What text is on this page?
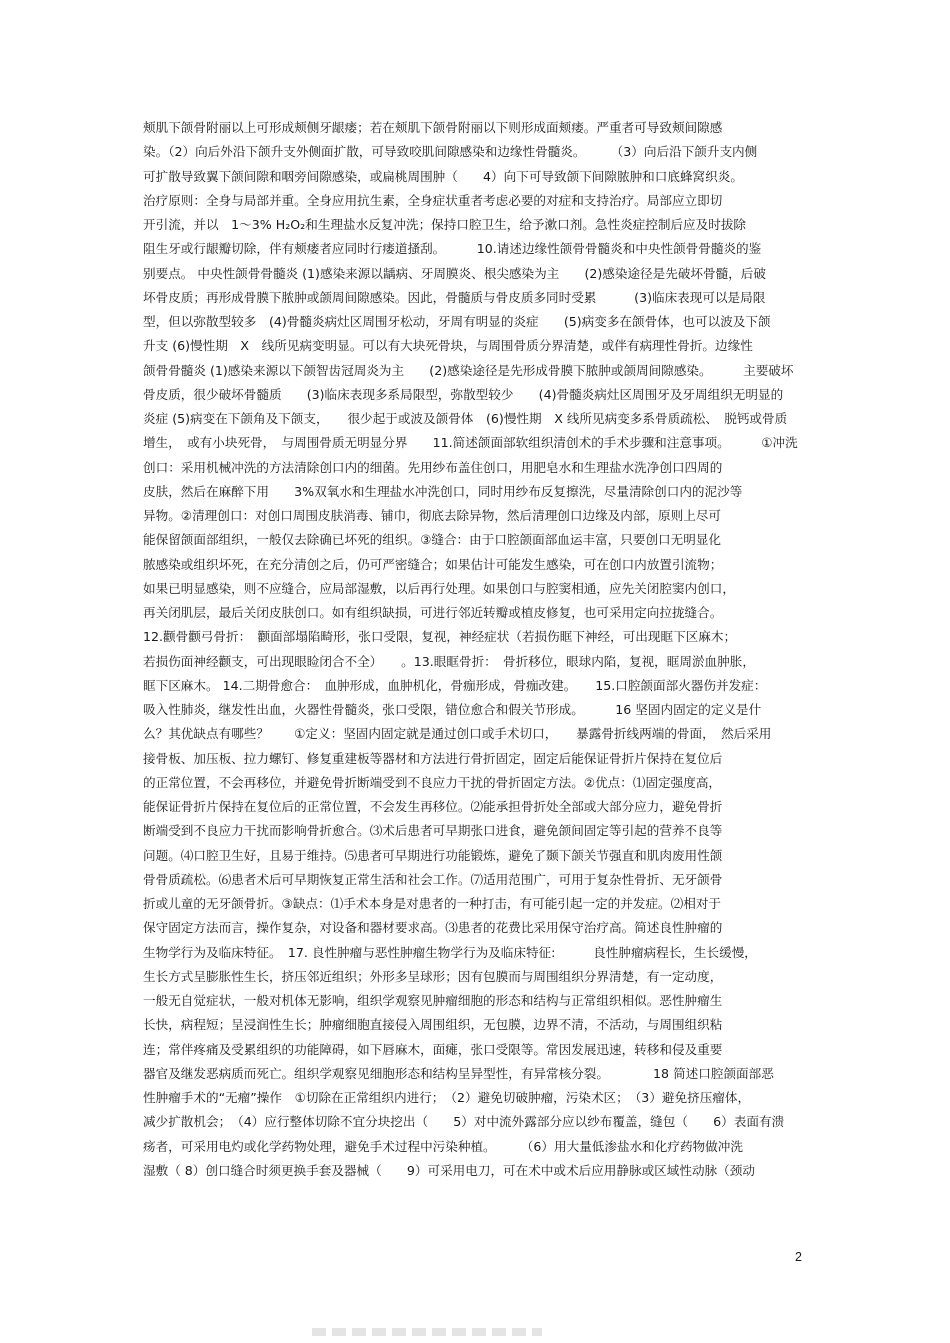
颊肌下颌骨附丽以上可形成颊侧牙龈瘘；若在颊肌下颌骨附丽以下则形成面颊瘘。严重者可导致颊间隙感
染。（2）向后外沿下颌升支外侧面扩散，可导致咬肌间隙感染和边缘性骨髓炎。　　　（3）向后沿下颌升支内侧
可扩散导致翼下颌间隙和咽旁间隙感染，或扁桃周围肿（　　4）向下可导致颌下间隙脓肿和口底蜂窝织炎。
治疗原则：全身与局部并重。全身应用抗生素，全身症状重者考虑必要的对症和支持治疗。局部应立即切
开引流，并以　1～3% H₂O₂和生理盐水反复冲洗；保持口腔卫生，给予漱口剂。急性炎症控制后应及时拔除
阻生牙或行龈瓣切除，伴有颊瘘者应同时行瘘道搔刮。　　　10.请述边缘性颌骨骨髓炎和中央性颌骨骨髓炎的鉴
别要点。 中央性颌骨骨髓炎 (1)感染来源以龋病、牙周膜炎、根尖感染为主　　(2)感染途径是先破坏骨髓，后破
坏骨皮质；再形成骨膜下脓肿或颌周间隙感染。因此，骨髓质与骨皮质多同时受累　　　(3)临床表现可以是局限
型，但以弥散型较多　(4)骨髓炎病灶区周围牙松动，牙周有明显的炎症　　(5)病变多在颌骨体，也可以波及下颌
升支 (6)慢性期　X　线所见病变明显。可以有大块死骨块，与周围骨质分界清楚，或伴有病理性骨折。边缘性
颌骨骨髓炎 (1)感染来源以下颌智齿冠周炎为主　　(2)感染途径是先形成骨膜下脓肿或颌周间隙感染。　　　主要破坏
骨皮质，很少破坏骨髓质　　(3)临床表现多系局限型，弥散型较少　　(4)骨髓炎病灶区周围牙及牙周组织无明显的
炎症 (5)病变在下颌角及下颌支，　　很少起于或波及颌骨体　(6)慢性期　X 线所见病变多系骨质疏松、　脱钙或骨质
增生，　或有小块死骨，　与周围骨质无明显分界　　11.简述颌面部软组织清创术的手术步骤和注意事项。　　　①冲洗
创口：采用机械冲洗的方法清除创口内的细菌。先用纱布盖住创口，用肥皂水和生理盐水洗净创口四周的
皮肤，然后在麻醉下用　　3%双氧水和生理盐水冲洗创口，同时用纱布反复擦洗，尽量清除创口内的泥沙等
异物。②清理创口：对创口周围皮肤消毒、铺巾，彻底去除异物，然后清理创口边缘及内部，原则上尽可
能保留颌面部组织，一般仅去除确已坏死的组织。③缝合：由于口腔颌面部血运丰富，只要创口无明显化
脓感染或组织坏死，在充分清创之后，仍可严密缝合；如果估计可能发生感染，可在创口内放置引流物；
如果已明显感染，则不应缝合，应局部湿敷，以后再行处理。如果创口与腔窦相通，应先关闭腔窦内创口，
再关闭肌层，最后关闭皮肤创口。如有组织缺损，可进行邻近转瓣或植皮修复，也可采用定向拉拢缝合。
12.颧骨颧弓骨折：　颧面部塌陷畸形，张口受限，复视，神经症状（若损伤眶下神经，可出现眶下区麻木；
若损伤面神经颧支，可出现眼睑闭合不全）　　。13.眼眶骨折：　骨折移位，眼球内陷，复视，眶周淤血肿胀，
眶下区麻木。 14.二期骨愈合：　血肿形成，血肿机化，骨痂形成，骨痂改建。　　15.口腔颌面部火器伤并发症：
吸入性肺炎，继发性出血，火器性骨髓炎，张口受限，错位愈合和假关节形成。　　　16 坚固内固定的定义是什
么？其优缺点有哪些？　　①定义：坚固内固定就是通过创口或手术切口，　　暴露骨折线两端的骨面，　然后采用
接骨板、加压板、拉力螺钉、修复重建板等器材和方法进行骨折固定，固定后能保证骨折片保持在复位后
的正常位置，不会再移位，并避免骨折断端受到不良应力干扰的骨折固定方法。②优点：⑴固定强度高，
能保证骨折片保持在复位后的正常位置，不会发生再移位。⑵能承担骨折处全部或大部分应力，避免骨折
断端受到不良应力干扰而影响骨折愈合。⑶术后患者可早期张口进食，避免颌间固定等引起的营养不良等
问题。⑷口腔卫生好，且易于维持。⑸患者可早期进行功能锻炼，避免了颞下颌关节强直和肌肉废用性颌
骨骨质疏松。⑹患者术后可早期恢复正常生活和社会工作。⑺适用范围广，可用于复杂性骨折、无牙颌骨
折或儿童的无牙颌骨折。③缺点：⑴手术本身是对患者的一种打击，有可能引起一定的并发症。⑵相对于
保守固定方法而言，操作复杂，对设备和器材要求高。⑶患者的花费比采用保守治疗高。简述良性肿瘤的
生物学行为及临床特征。　17. 良性肿瘤与恶性肿瘤生物学行为及临床特征:　　　良性肿瘤病程长，生长缓慢，
生长方式呈膨胀性生长，挤压邻近组织；外形多呈球形；因有包膜而与周围组织分界清楚，有一定动度，
一般无自觉症状，一般对机体无影响，组织学观察见肿瘤细胞的形态和结构与正常组织相似。恶性肿瘤生
长快，病程短；呈浸润性生长；肿瘤细胞直接侵入周围组织，无包膜，边界不清，不活动，与周围组织粘
连；常伴疼痛及受累组织的功能障碍，如下唇麻木，面瘫，张口受限等。常因发展迅速，转移和侵及重要
器官及继发恶病质而死亡。组织学观察见细胞形态和结构呈异型性，有异常核分裂。　　　　18 简述口腔颌面部恶
性肿瘤手术的“无瘤”操作　①切除在正常组织内进行；　（2）避免切破肿瘤，污染术区；　（3）避免挤压瘤体，
减少扩散机会；　（4）应行整体切除不宜分块挖出（　　5）对中流外露部分应以纱布覆盖，缝包（　　6）表面有溃
疡者，可采用电灼或化学药物处理，避免手术过程中污染种植。　　　（6）用大量低渗盐水和化疗药物做冲洗
湿敷（ 8）创口缝合时须更换手套及器械（　　9）可采用电刀，可在术中或术后应用静脉或区域性动脉（颈动
2
